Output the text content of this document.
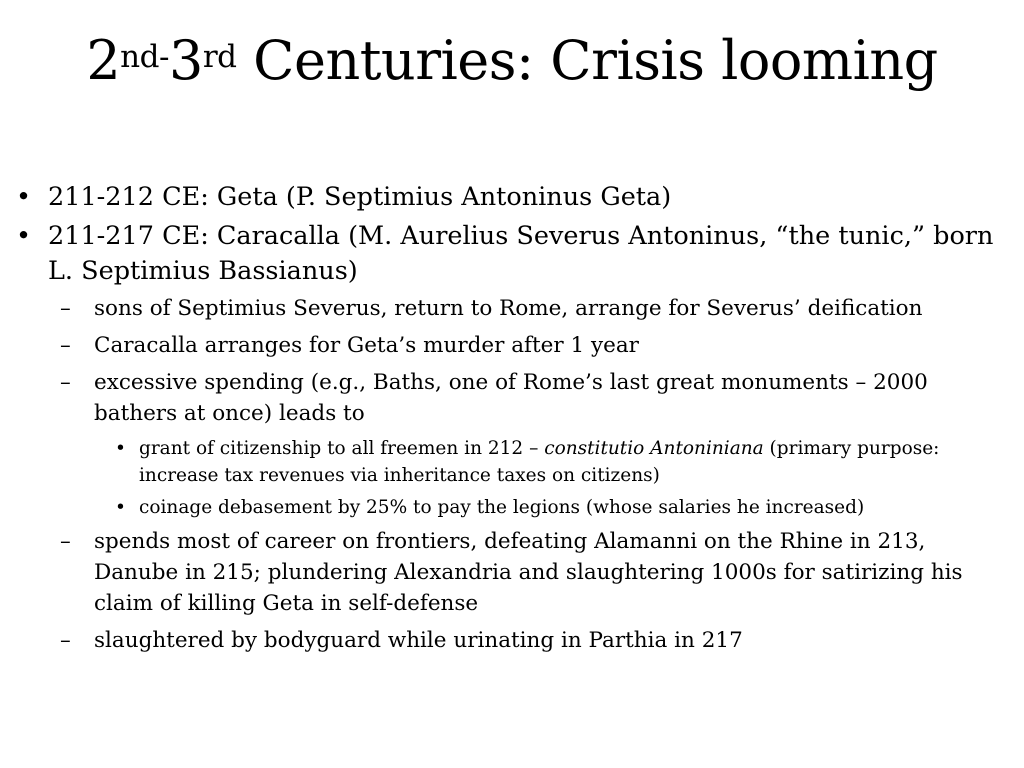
$2^{nd-}3rd$ Centuries: Crisis looming
• 211-212 CE: Geta (P. Septimius Antoninus Geta)
• 211-217 CE: Caracalla (M. Aurelius Severus Antoninus, “the tunic,” born L. Septimius Bassianus)
– sons of Septimius Severus, return to Rome, arrange for Severus’ deification
– Caracalla arranges for Geta’s murder after 1 year
– excessive spending (e.g., Baths, one of Rome’s last great monuments – 2000 bathers at once) leads to
• grant of citizenship to all freemen in 212 – constitutio Antoniniana (primary purpose: increase tax revenues via inheritance taxes on citizens)
• coinage debasement by 25% to pay the legions (whose salaries he increased)
– spends most of career on frontiers, defeating Alamanni on the Rhine in 213, Danube in 215; plundering Alexandria and slaughtering 1000s for satirizing his claim of killing Geta in self-defense
– slaughtered by bodyguard while urinating in Parthia in 217
